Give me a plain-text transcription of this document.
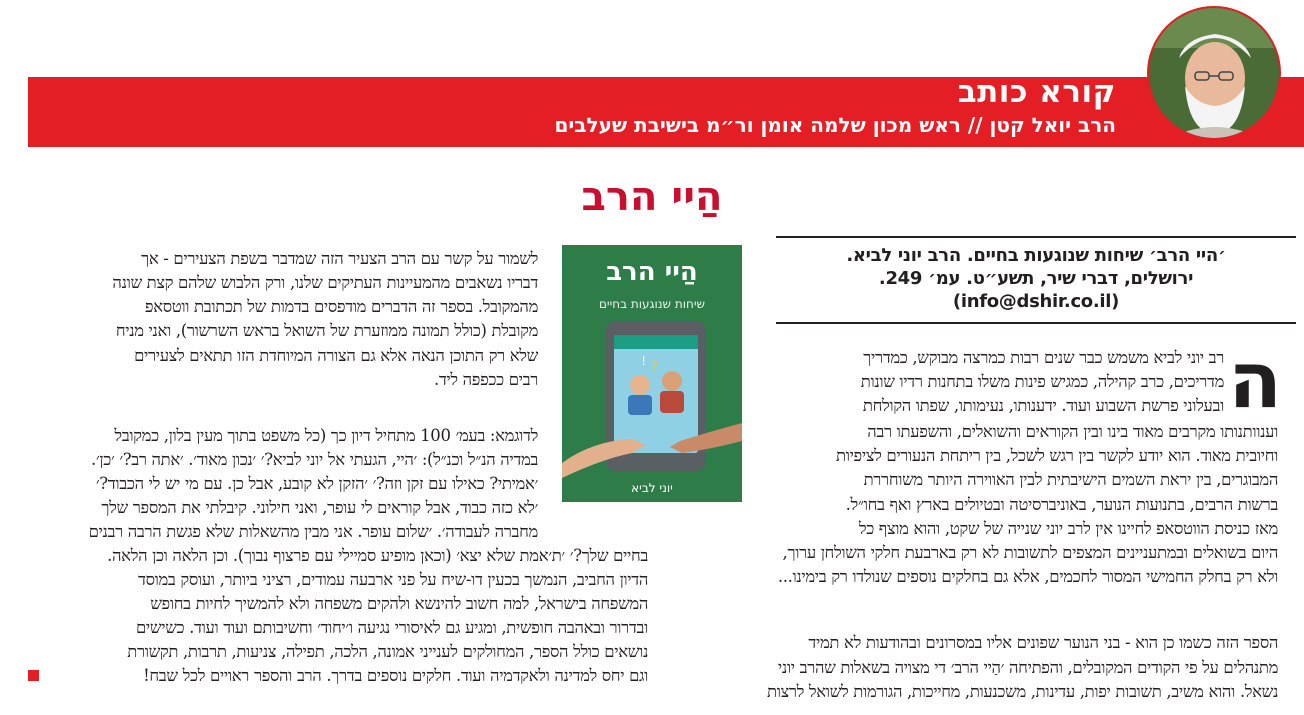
קורא כותב
הרב יואל קטן // ראש מכון שלמה אומן ור״מ בישיבת שעלבים
הַיי הרב
׳היי הרב׳ שיחות שנוגעות בחיים. הרב יוני לביא.
ירושלים, דברי שיר, תשע״ט. עמ׳ 249.
(info@dshir.co.il)
הַיי הרב
שיחות שנוגעות בחיים
?
!
יוני לביא
ה
רב יוני לביא משמש כבר שנים רבות כמרצה מבוקש, כמדריך
מדריכים, כרב קהילה, כמגיש פינות משלו בתחנות רדיו שונות
ובעלוני פרשת השבוע ועוד. ידענותו, נעימותו, שפתו הקולחת
וענוותנותו מקרבים מאוד בינו ובין הקוראים והשואלים, והשפעתו רבה
וחיובית מאוד. הוא יודע לקשר בין רגש לשכל, בין ריתחת הנעורים לציפיות
המבוגרים, בין יראת השמים הישיבתית לבין האווירה היותר משוחררת
ברשות הרבים, בתנועות הנוער, באוניברסיטה ובטיולים בארץ ואף בחו״ל.
מאז כניסת הווטסאפ לחיינו אין לרב יוני שנייה של שקט, והוא מוצף כל
היום בשואלים ובמתעניינים המצפים לתשובות לא רק בארבעת חלקי השולחן ערוך,
ולא רק בחלק החמישי המסור לחכמים, אלא גם בחלקים נוספים שנולדו רק בימינו...
הספר הזה כשמו כן הוא - בני הנוער שפונים אליו במסרונים ובהודעות לא תמיד
מתנהלים על פי הקודים המקובלים, והפתיחה ׳הַיי הרב׳ די מצויה בשאלות שהרב יוני
נשאל. והוא משיב, תשובות יפות, עדינות, משכנעות, מחייכות, הגורמות לשואל לרצות
לשמור על קשר עם הרב הצעיר הזה שמדבר בשפת הצעירים - אך
דבריו נשאבים מהמעיינות העתיקים שלנו, ורק הלבוש שלהם קצת שונה
מהמקובל. בספר זה הדברים מודפסים בדמות של תכתובת ווטסאפ
מקובלת (כולל תמונה ממוזערת של השואל בראש השרשור), ואני מניח
שלא רק התוכן הנאה אלא גם הצורה המיוחדת הזו תתאים לצעירים
רבים ככפפה ליד.
לדוגמא: בעמ׳ 100 מתחיל דיון כך (כל משפט בתוך מעין בלון, כמקובל
במדיה הנ״ל וכנ״ל): ׳היי, הגעתי אל יוני לביא?׳ ׳נכון מאוד׳. ׳אתה רב?׳ ׳כן׳.
׳אמיתי? כאילו עם זקן וזה?׳ ׳הזקן לא קובע, אבל כן. עם מי יש לי הכבוד?׳
׳לא כזה כבוד, אבל קוראים לי עופר, ואני חילוני. קיבלתי את המספר שלך
מחברה לעבודה׳. ׳שלום עופר. אני מבין מהשאלות שלא פגשת הרבה רבנים
בחיים שלך?׳ ׳ת׳אמת שלא יצא׳ (וכאן מופיע סמיילי עם פרצוף נבוך). וכן הלאה וכן הלאה.
הדיון החביב, הנמשך בכעין דו-שיח על פני ארבעה עמודים, רציני ביותר, ועוסק במוסד
המשפחה בישראל, למה חשוב להינשא ולהקים משפחה ולא להמשיך לחיות בחופש
ובדרור ובאהבה חופשית, ומגיע גם לאיסורי נגיעה ו׳יחוד׳ וחשיבותם ועוד ועוד. כשישים
נושאים כולל הספר, המחולקים לענייני אמונה, הלכה, תפילה, צניעות, תרבות, תקשורת
וגם יחס למדינה ולאקדמיה ועוד. חלקים נוספים בדרך. הרב והספר ראויים לכל שבח!
